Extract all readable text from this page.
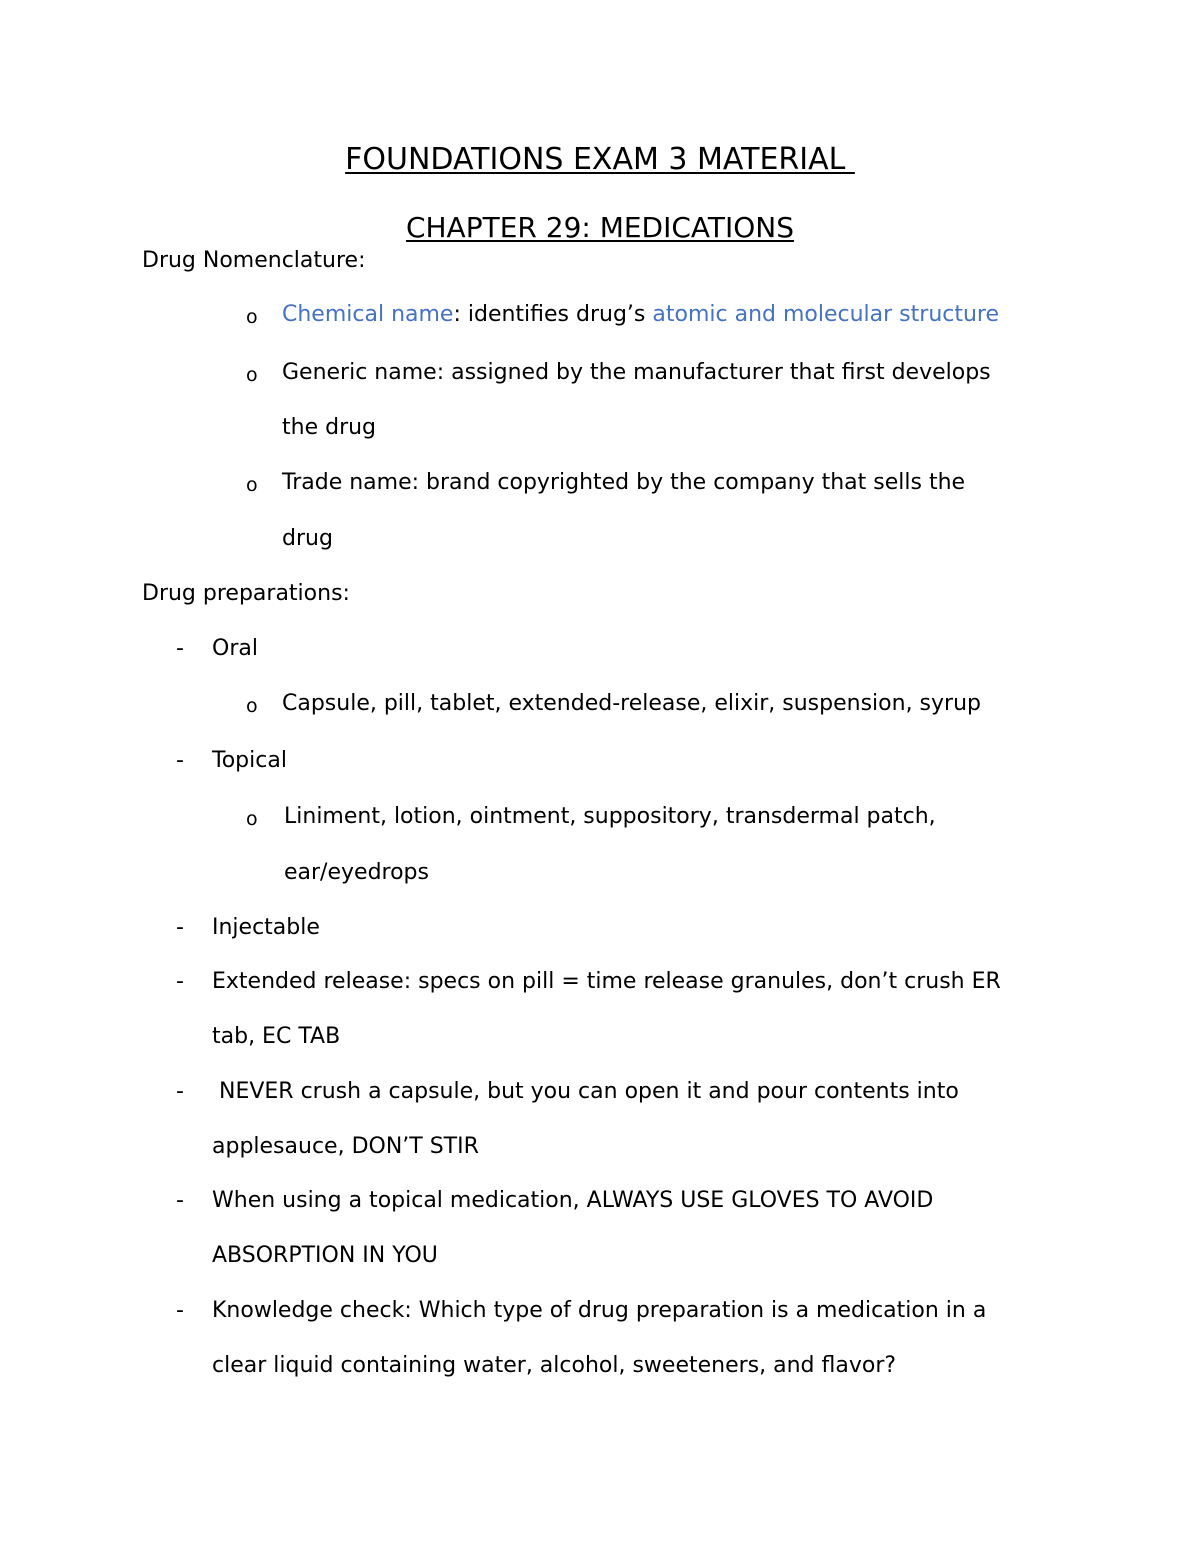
FOUNDATIONS EXAM 3 MATERIAL
CHAPTER 29: MEDICATIONS
Drug Nomenclature:
o Chemical name: identifies drug’s atomic and molecular structure
o Generic name: assigned by the manufacturer that first develops
the drug
o Trade name: brand copyrighted by the company that sells the
drug
Drug preparations:
- Oral
o Capsule, pill, tablet, extended-release, elixir, suspension, syrup
- Topical
o Liniment, lotion, ointment, suppository, transdermal patch,
ear/eyedrops
- Injectable
- Extended release: specs on pill = time release granules, don’t crush ER
tab, EC TAB
- NEVER crush a capsule, but you can open it and pour contents into
applesauce, DON’T STIR
- When using a topical medication, ALWAYS USE GLOVES TO AVOID
ABSORPTION IN YOU
- Knowledge check: Which type of drug preparation is a medication in a
clear liquid containing water, alcohol, sweeteners, and flavor?
